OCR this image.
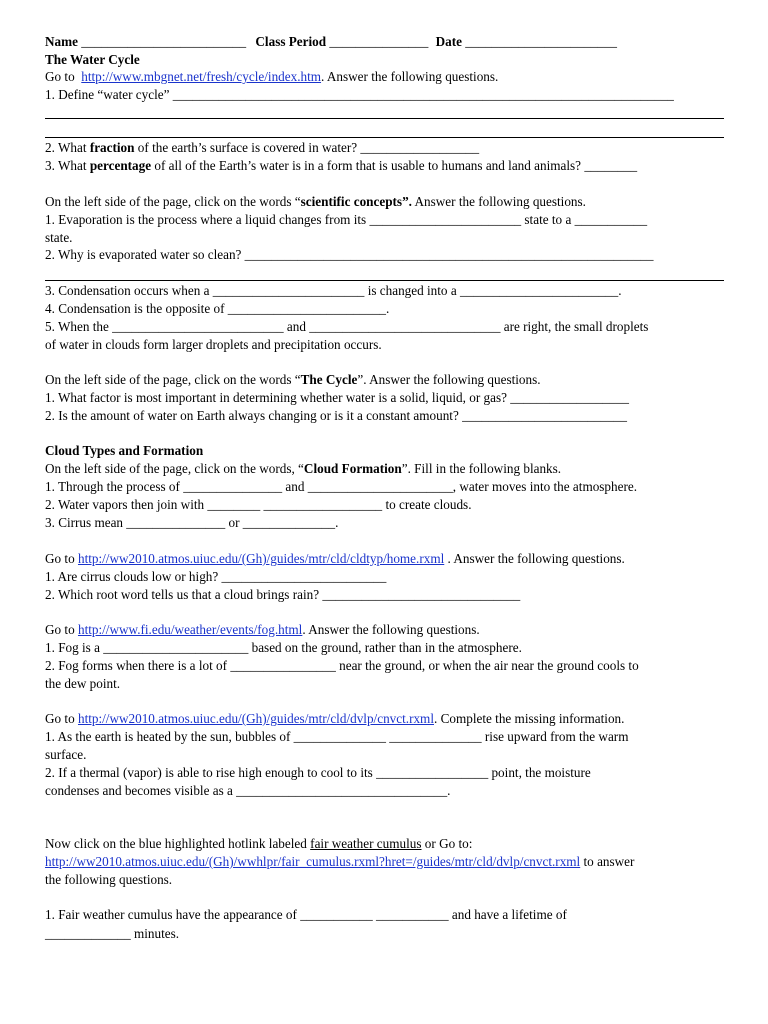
Name _________________________ Class Period _______________ Date _______________________
The Water Cycle
Go to http://www.mbgnet.net/fresh/cycle/index.htm. Answer the following questions.
1. Define “water cycle” ____________________________________________________________________________
2. What fraction of the earth’s surface is covered in water? __________________
3. What percentage of all of the Earth’s water is in a form that is usable to humans and land animals? ________
On the left side of the page, click on the words “scientific concepts”. Answer the following questions.
1. Evaporation is the process where a liquid changes from its _______________________ state to a ___________
state.
2. Why is evaporated water so clean? ______________________________________________________________
3. Condensation occurs when a _______________________ is changed into a ________________________.
4. Condensation is the opposite of ________________________.
5. When the __________________________ and _____________________________ are right, the small droplets
of water in clouds form larger droplets and precipitation occurs.
On the left side of the page, click on the words “The Cycle”. Answer the following questions.
1. What factor is most important in determining whether water is a solid, liquid, or gas? __________________
2. Is the amount of water on Earth always changing or is it a constant amount? _________________________
Cloud Types and Formation
On the left side of the page, click on the words, “Cloud Formation”. Fill in the following blanks.
1. Through the process of _______________ and ______________________, water moves into the atmosphere.
2. Water vapors then join with ________ __________________ to create clouds.
3. Cirrus mean _______________ or ______________.
Go to http://ww2010.atmos.uiuc.edu/(Gh)/guides/mtr/cld/cldtyp/home.rxml . Answer the following questions.
1. Are cirrus clouds low or high? _________________________
2. Which root word tells us that a cloud brings rain? ______________________________
Go to http://www.fi.edu/weather/events/fog.html. Answer the following questions.
1. Fog is a ______________________ based on the ground, rather than in the atmosphere.
2. Fog forms when there is a lot of ________________ near the ground, or when the air near the ground cools to
the dew point.
Go to http://ww2010.atmos.uiuc.edu/(Gh)/guides/mtr/cld/dvlp/cnvct.rxml. Complete the missing information.
1. As the earth is heated by the sun, bubbles of ______________ ______________ rise upward from the warm
surface.
2. If a thermal (vapor) is able to rise high enough to cool to its _________________ point, the moisture
condenses and becomes visible as a ________________________________.
Now click on the blue highlighted hotlink labeled fair weather cumulus or Go to:
http://ww2010.atmos.uiuc.edu/(Gh)/wwhlpr/fair_cumulus.rxml?hret=/guides/mtr/cld/dvlp/cnvct.rxml to answer
the following questions.
1. Fair weather cumulus have the appearance of ___________ ___________ and have a lifetime of
_____________ minutes.
